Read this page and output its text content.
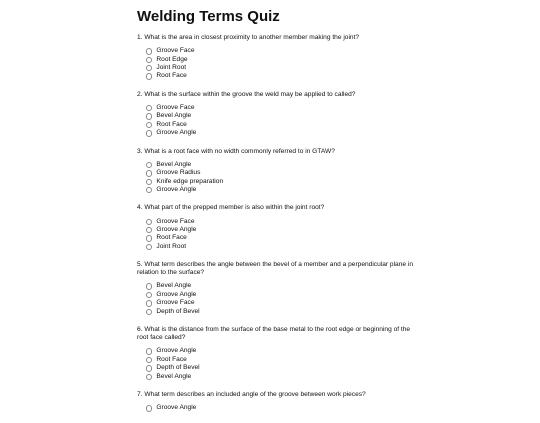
Welding Terms Quiz
1. What is the area in closest proximity to another member making the joint?
Groove Face
Root Edge
Joint Root
Root Face
2. What is the surface within the groove the weld may be applied to called?
Groove Face
Bevel Angle
Root Face
Groove Angle
3. What is a root face with no width commonly referred to in GTAW?
Bevel Angle
Groove Radius
Knife edge preparation
Groove Angle
4. What part of the prepped member is also within the joint root?
Groove Face
Groove Angle
Root Face
Joint Root
5. What term describes the angle between the bevel of a member and a perpendicular plane in relation to the surface?
Bevel Angle
Groove Angle
Groove Face
Depth of Bevel
6. What is the distance from the surface of the base metal to the root edge or beginning of the root face called?
Groove Angle
Root Face
Depth of Bevel
Bevel Angle
7. What term describes an included angle of the groove between work pieces?
Groove Angle
